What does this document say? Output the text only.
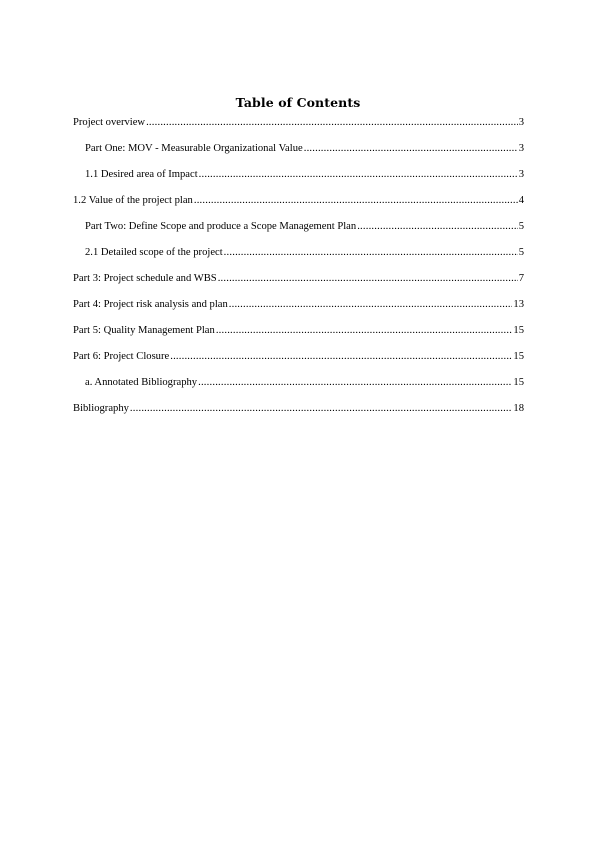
Table of Contents
Project overview .....	3
Part One: MOV - Measurable Organizational Value .....	3
1.1 Desired area of Impact .....	3
1.2 Value of the project plan .....	4
Part Two: Define Scope and produce a Scope Management Plan .....	5
2.1 Detailed scope of the project .....	5
Part 3: Project schedule and WBS .....	7
Part 4: Project risk analysis and plan .....	13
Part 5: Quality Management Plan .....	15
Part 6: Project Closure .....	15
a. Annotated Bibliography .....	15
Bibliography .....	18
